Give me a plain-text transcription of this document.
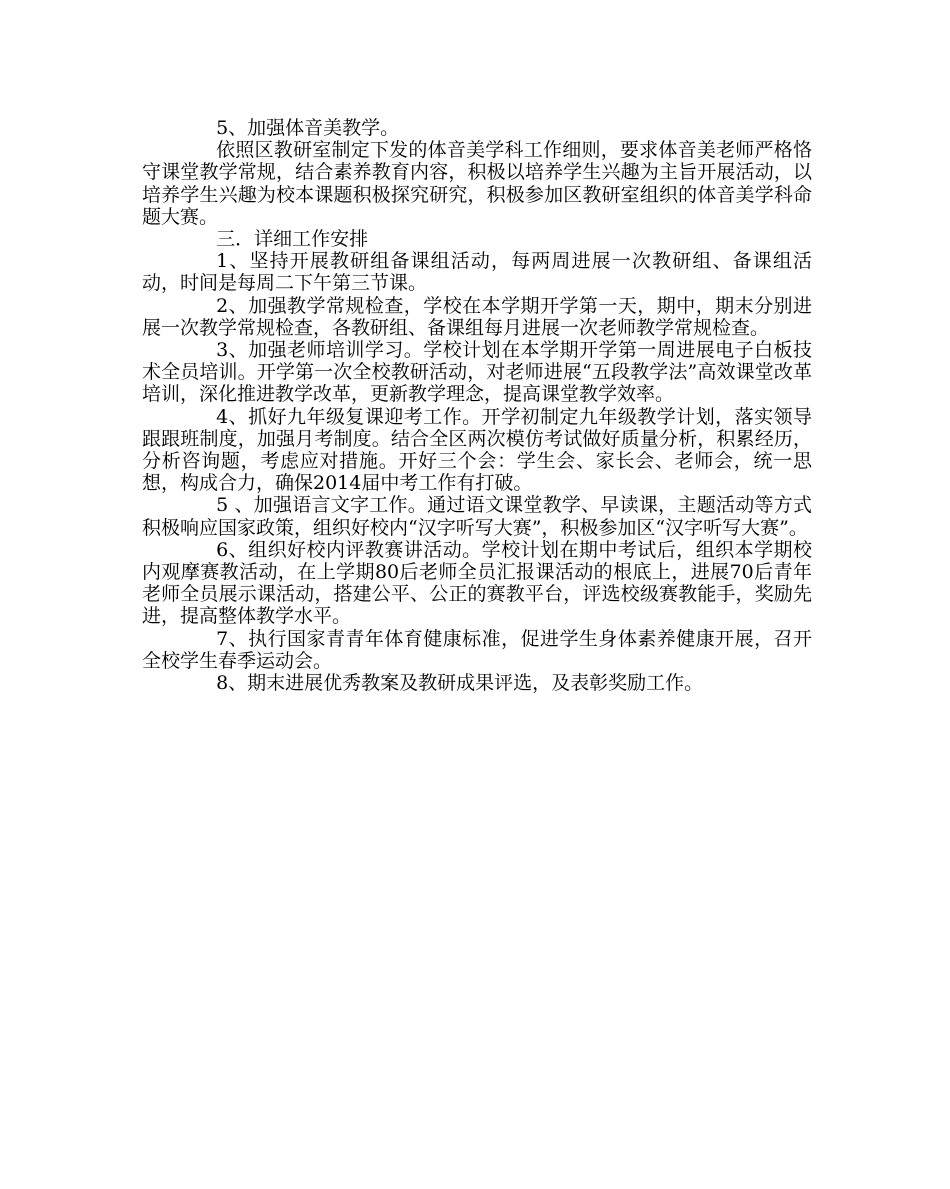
5、加强体音美教学。

依照区教研室制定下发的体音美学科工作细则，要求体音美老师严格恪守课堂教学常规，结合素养教育内容，积极以培养学生兴趣为主旨开展活动，以培养学生兴趣为校本课题积极探究研究，积极参加区教研室组织的体音美学科命题大赛。

三．详细工作安排

1、坚持开展教研组备课组活动，每两周进展一次教研组、备课组活动，时间是每周二下午第三节课。

2、加强教学常规检查，学校在本学期开学第一天，期中，期末分别进展一次教学常规检查，各教研组、备课组每月进展一次老师教学常规检查。

3、加强老师培训学习。学校计划在本学期开学第一周进展电子白板技术全员培训。开学第一次全校教研活动，对老师进展“五段教学法”高效课堂改革培训，深化推进教学改革，更新教学理念，提高课堂教学效率。

4、抓好九年级复课迎考工作。开学初制定九年级教学计划，落实领导跟跟班制度，加强月考制度。结合全区两次模仿考试做好质量分析，积累经历，分析咨询题，考虑应对措施。开好三个会：学生会、家长会、老师会，统一思想，构成合力，确保2014届中考工作有打破。

5 、加强语言文字工作。通过语文课堂教学、早读课，主题活动等方式积极响应国家政策，组织好校内“汉字听写大赛”，积极参加区“汉字听写大赛”。

6、组织好校内评教赛讲活动。学校计划在期中考试后，组织本学期校内观摩赛教活动，在上学期80后老师全员汇报课活动的根底上，进展70后青年老师全员展示课活动，搭建公平、公正的赛教平台，评选校级赛教能手，奖励先进，提高整体教学水平。

7、执行国家青青年体育健康标准，促进学生身体素养健康开展，召开全校学生春季运动会。

8、期末进展优秀教案及教研成果评选，及表彰奖励工作。
